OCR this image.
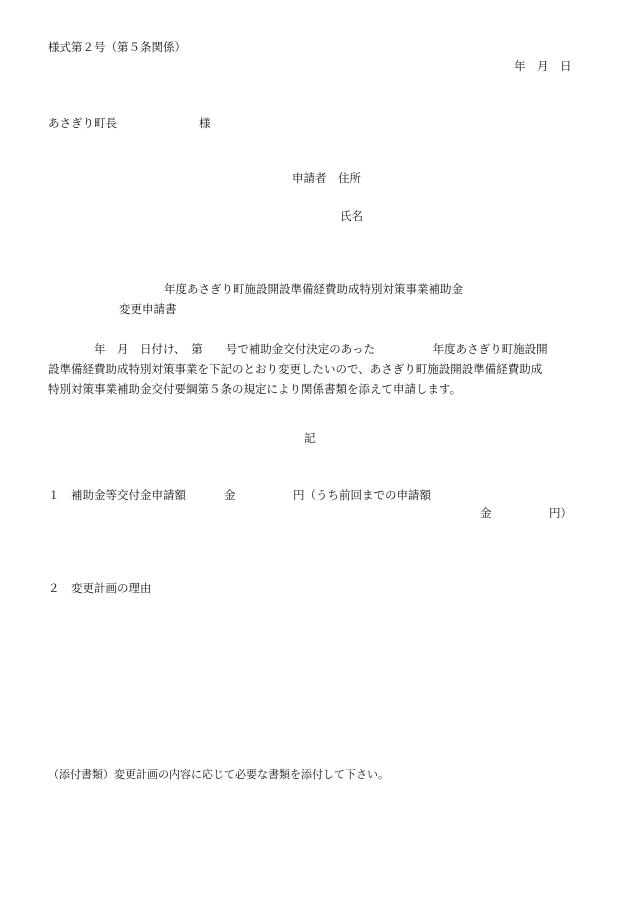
様式第２号（第５条関係）
年　月　日
あさぎり町長	様
申請者　住所
氏名
年度あさぎり町施設開設準備経費助成特別対策事業補助金
変更申請書
　　　　年　月　日付け、　第　　号で補助金交付決定のあった　　　　　年度あさぎり町施設開
設準備経費助成特別対策事業を下記のとおり変更したいので、あさぎり町施設開設準備経費助成
特別対策事業補助金交付要綱第５条の規定により関係書類を添えて申請します。
記
１　補助金等交付金申請額	金　　　　　円（うち前回までの申請額
金　　　　　円）
２　変更計画の理由
（添付書類）変更計画の内容に応じて必要な書類を添付して下さい。
